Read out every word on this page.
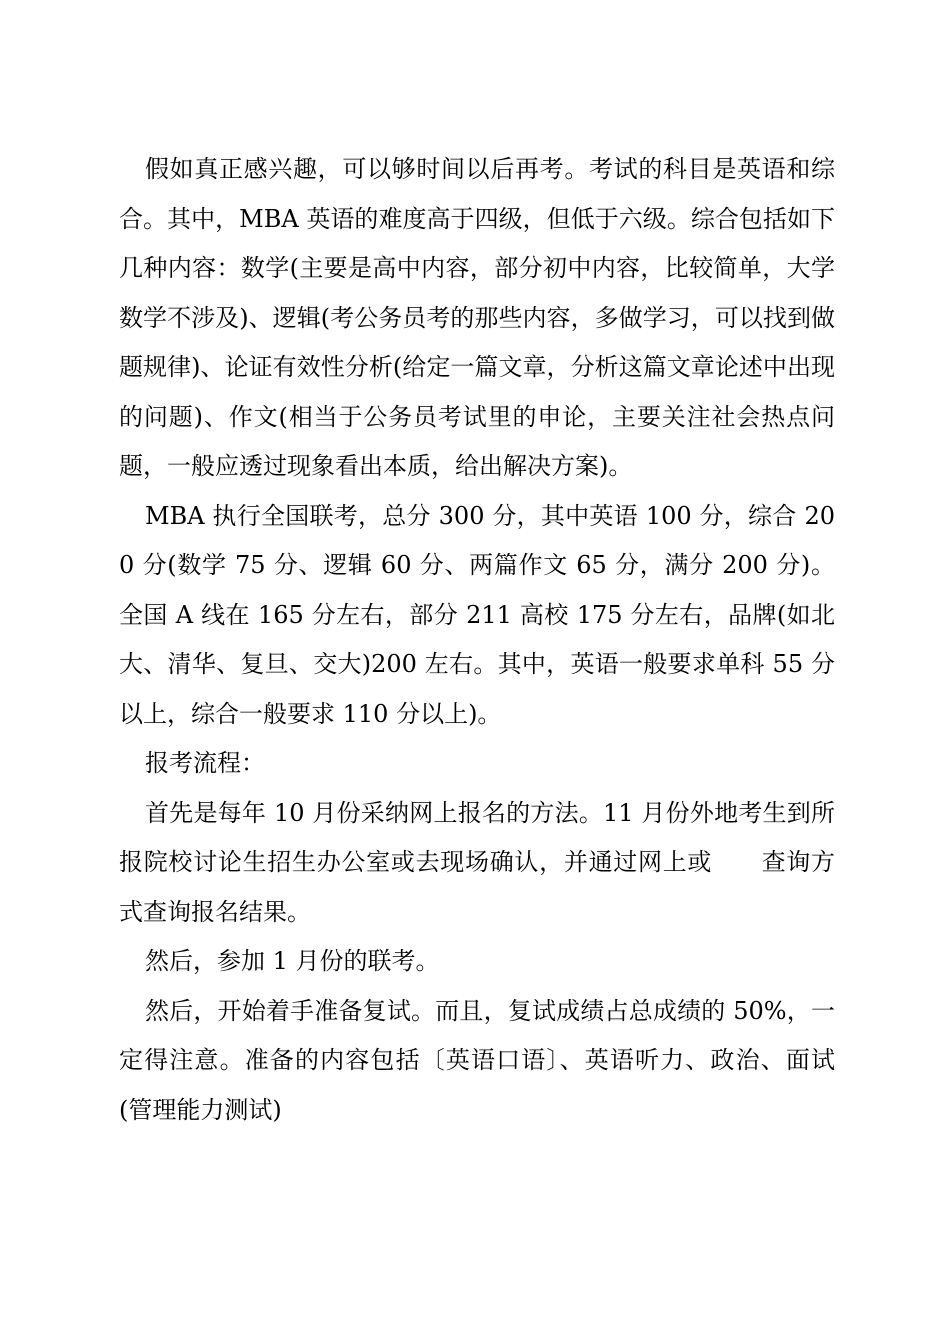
假如真正感兴趣，可以够时间以后再考。考试的科目是英语和综合。其中，MBA 英语的难度高于四级，但低于六级。综合包括如下几种内容：数学(主要是高中内容，部分初中内容，比较简单，大学数学不涉及)、逻辑(考公务员考的那些内容，多做学习，可以找到做题规律)、论证有效性分析(给定一篇文章，分析这篇文章论述中出现的问题)、作文(相当于公务员考试里的申论，主要关注社会热点问题，一般应透过现象看出本质，给出解决方案)。

MBA 执行全国联考，总分 300 分，其中英语 100 分，综合 200 分(数学 75 分、逻辑 60 分、两篇作文 65 分，满分 200 分)。全国 A 线在 165 分左右，部分 211 高校 175 分左右，品牌(如北大、清华、复旦、交大)200 左右。其中，英语一般要求单科 55 分以上，综合一般要求 110 分以上)。

报考流程：

首先是每年 10 月份采纳网上报名的方法。11 月份外地考生到所报院校讨论生招生办公室或去现场确认，并通过网上或　　查询方式查询报名结果。

然后，参加 1 月份的联考。

然后，开始着手准备复试。而且，复试成绩占总成绩的 50%，一定得注意。准备的内容包括〔英语口语〕、英语听力、政治、面试(管理能力测试)
